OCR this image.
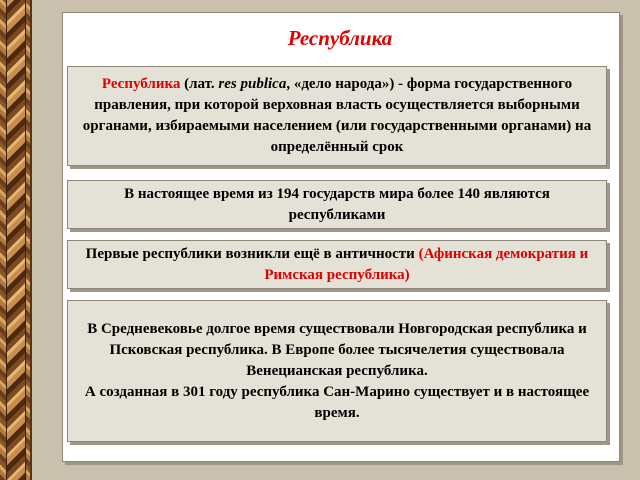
Республика

Республика (лат. res publica, «дело народа») - форма государственного правления, при которой верховная власть осуществляется выборными органами, избираемыми населением (или государственными органами) на определённый срок

В настоящее время из 194 государств мира более 140 являются республиками

Первые республики возникли ещё в античности (Афинская демократия и Римская республика)

В Средневековье долгое время существовали Новгородская республика и Псковская республика. В Европе более тысячелетия существовала Венецианская республика.
А созданная в 301 году республика Сан-Марино существует и в настоящее время.
